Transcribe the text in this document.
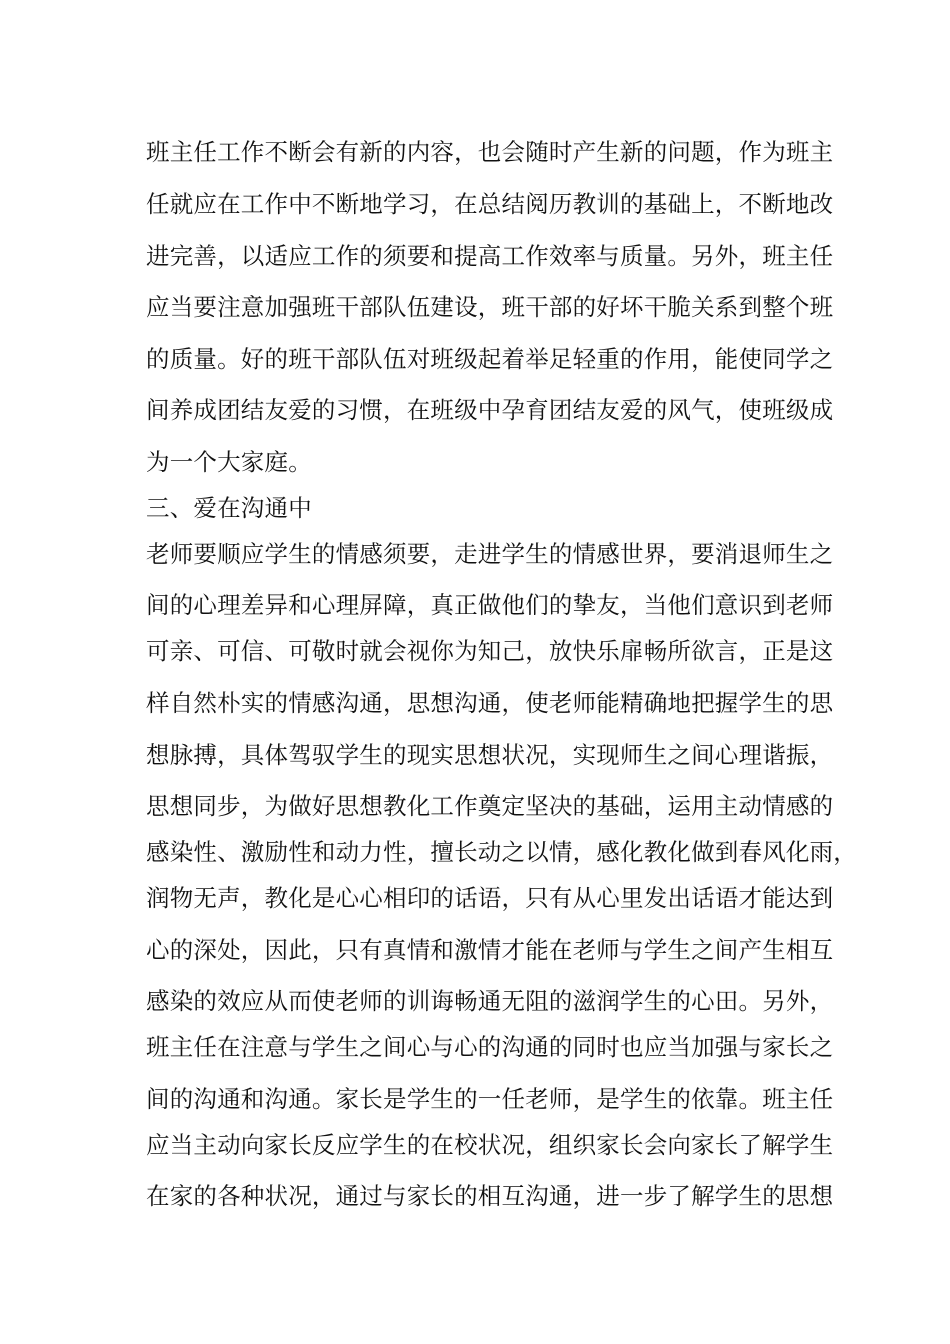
班主任工作不断会有新的内容，也会随时产生新的问题，作为班主
任就应在工作中不断地学习，在总结阅历教训的基础上，不断地改
进完善，以适应工作的须要和提高工作效率与质量。另外，班主任
应当要注意加强班干部队伍建设，班干部的好坏干脆关系到整个班
的质量。好的班干部队伍对班级起着举足轻重的作用，能使同学之
间养成团结友爱的习惯，在班级中孕育团结友爱的风气，使班级成
为一个大家庭。
三、爱在沟通中
老师要顺应学生的情感须要，走进学生的情感世界，要消退师生之
间的心理差异和心理屏障，真正做他们的挚友，当他们意识到老师
可亲、可信、可敬时就会视你为知己，放快乐扉畅所欲言，正是这
样自然朴实的情感沟通，思想沟通，使老师能精确地把握学生的思
想脉搏，具体驾驭学生的现实思想状况，实现师生之间心理谐振，
思想同步，为做好思想教化工作奠定坚决的基础，运用主动情感的
感染性、激励性和动力性，擅长动之以情，感化教化做到春风化雨，
润物无声，教化是心心相印的话语，只有从心里发出话语才能达到
心的深处，因此，只有真情和激情才能在老师与学生之间产生相互
感染的效应从而使老师的训诲畅通无阻的滋润学生的心田。另外，
班主任在注意与学生之间心与心的沟通的同时也应当加强与家长之
间的沟通和沟通。家长是学生的一任老师，是学生的依靠。班主任
应当主动向家长反应学生的在校状况，组织家长会向家长了解学生
在家的各种状况，通过与家长的相互沟通，进一步了解学生的思想
